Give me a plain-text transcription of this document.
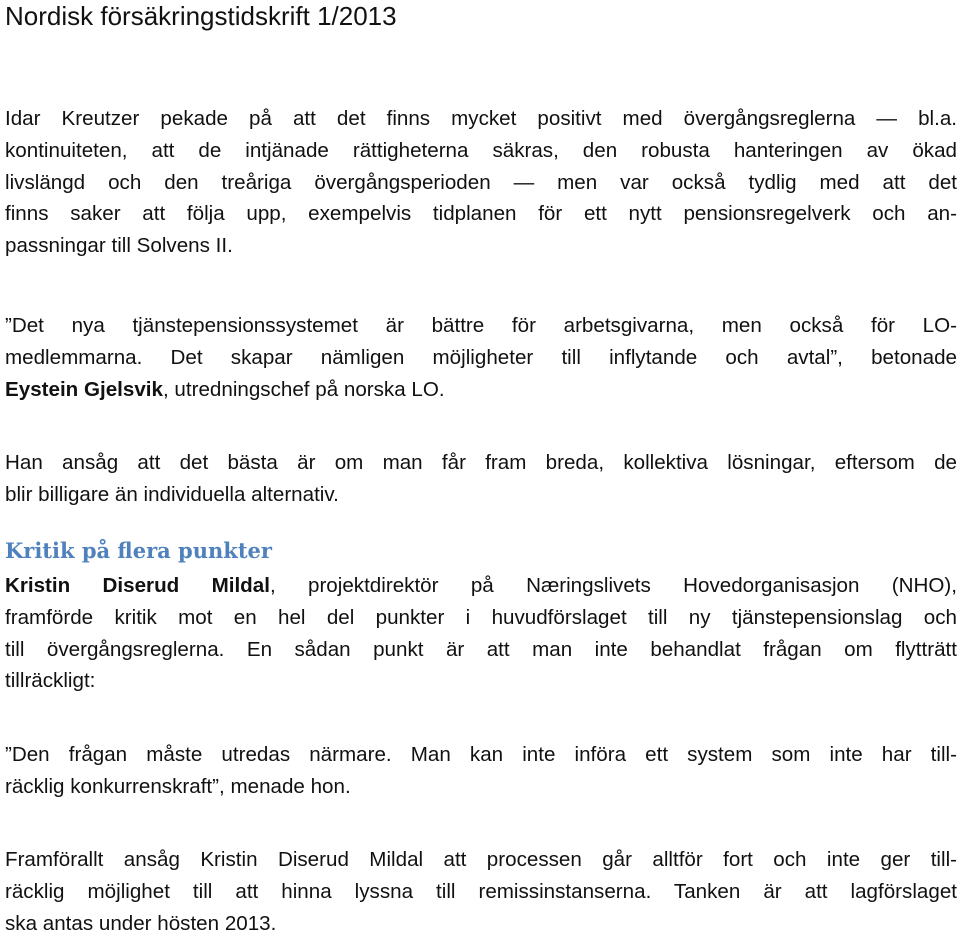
Nordisk försäkringstidskrift 1/2013
Idar Kreutzer pekade på att det finns mycket positivt med övergångsreglerna — bl.a.
kontinuiteten, att de intjänade rättigheterna säkras, den robusta hanteringen av ökad
livslängd och den treåriga övergångsperioden — men var också tydlig med att det
finns saker att följa upp, exempelvis tidplanen för ett nytt pensionsregelverk och an-
passningar till Solvens II.
”Det nya tjänstepensionssystemet är bättre för arbetsgivarna, men också för LO-
medlemmarna. Det skapar nämligen möjligheter till inflytande och avtal”, betonade
Eystein Gjelsvik, utredningschef på norska LO.
Han ansåg att det bästa är om man får fram breda, kollektiva lösningar, eftersom de
blir billigare än individuella alternativ.
Kritik på flera punkter
Kristin Diserud Mildal, projektdirektör på Næringslivets Hovedorganisasjon (NHO),
framförde kritik mot en hel del punkter i huvudförslaget till ny tjänstepensionslag och
till övergångsreglerna. En sådan punkt är att man inte behandlat frågan om flytträtt
tillräckligt:
”Den frågan måste utredas närmare. Man kan inte införa ett system som inte har till-
räcklig konkurrenskraft”, menade hon.
Framförallt ansåg Kristin Diserud Mildal att processen går alltför fort och inte ger till-
räcklig möjlighet till att hinna lyssna till remissinstanserna. Tanken är att lagförslaget
ska antas under hösten 2013.
